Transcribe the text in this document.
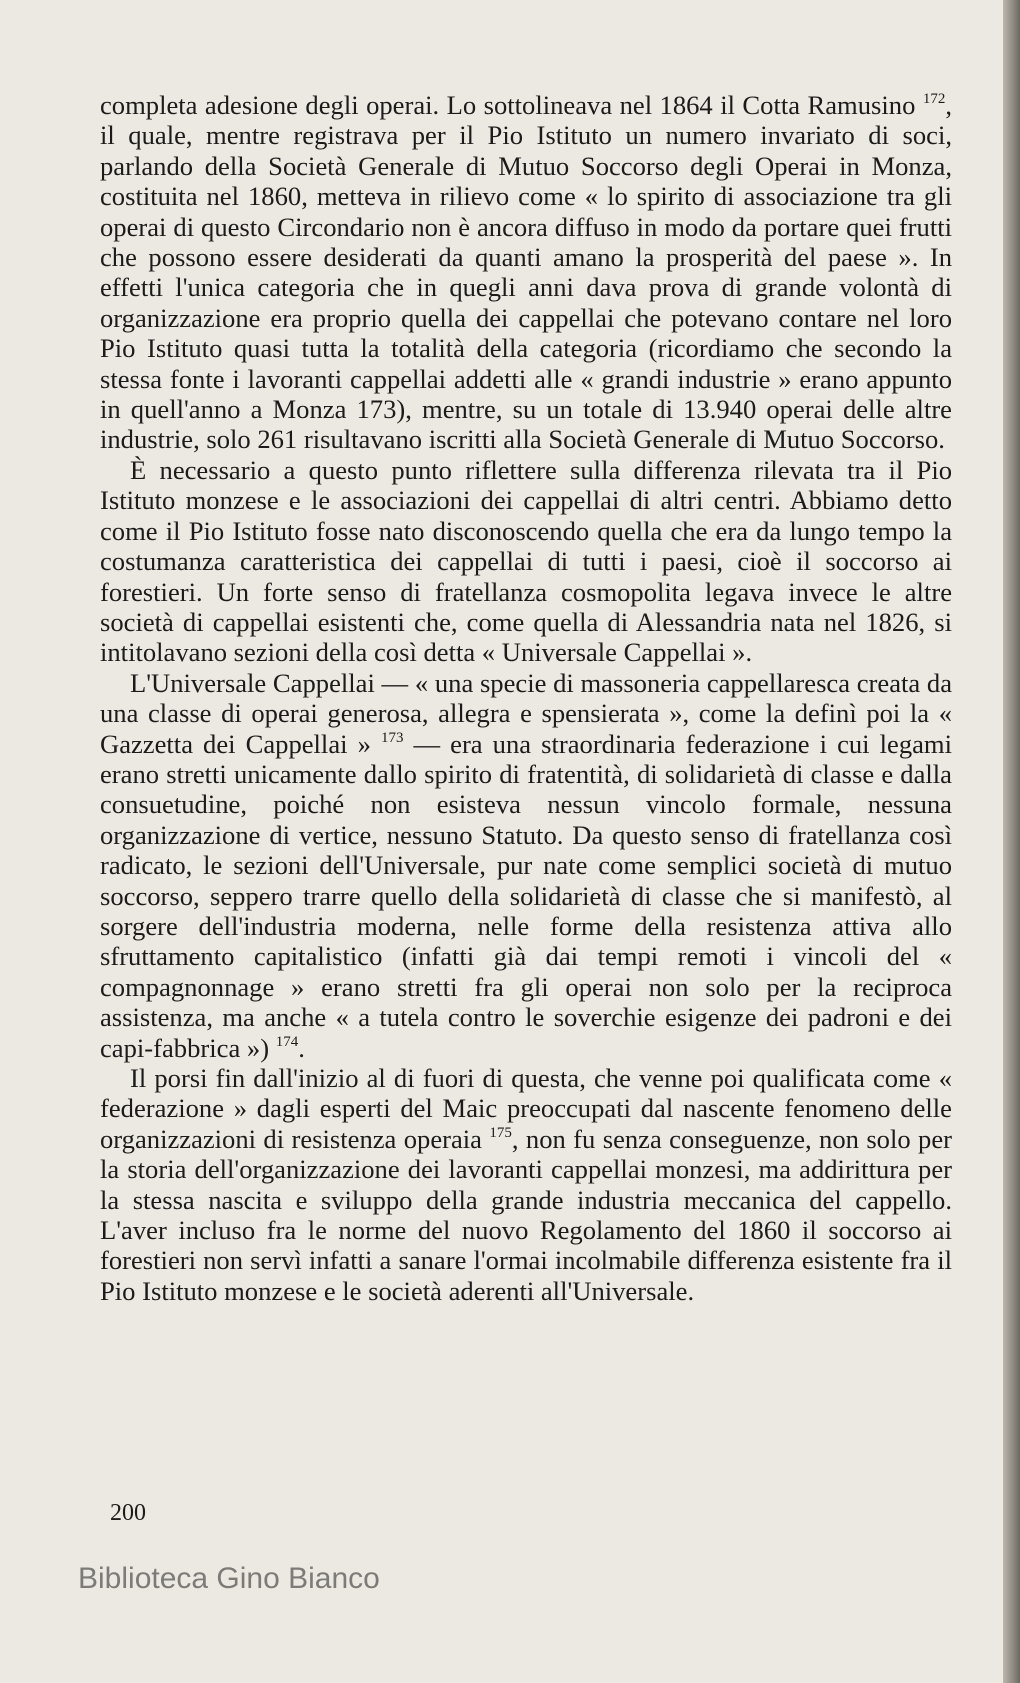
completa adesione degli operai. Lo sottolineava nel 1864 il Cotta Ramusino $^{172}$, il quale, mentre registrava per il Pio Istituto un numero invariato di soci, parlando della Società Generale di Mutuo Soccorso degli Operai in Monza, costituita nel 1860, metteva in rilievo come « lo spirito di associazione tra gli operai di questo Circondario non è ancora diffuso in modo da portare quei frutti che possono essere desiderati da quanti amano la prosperità del paese ». In effetti l'unica categoria che in quegli anni dava prova di grande volontà di organizzazione era proprio quella dei cappellai che potevano contare nel loro Pio Istituto quasi tutta la totalità della categoria (ricordiamo che secondo la stessa fonte i lavoranti cappellai addetti alle « grandi industrie » erano appunto in quell'anno a Monza 173), mentre, su un totale di 13.940 operai delle altre industrie, solo 261 risultavano iscritti alla Società Generale di Mutuo Soccorso.

È necessario a questo punto riflettere sulla differenza rilevata tra il Pio Istituto monzese e le associazioni dei cappellai di altri centri. Abbiamo detto come il Pio Istituto fosse nato disconoscendo quella che era da lungo tempo la costumanza caratteristica dei cappellai di tutti i paesi, cioè il soccorso ai forestieri. Un forte senso di fratellanza cosmopolita legava invece le altre società di cappellai esistenti che, come quella di Alessandria nata nel 1826, si intitolavano sezioni della così detta « Universale Cappellai ».

L'Universale Cappellai — « una specie di massoneria cappellaresca creata da una classe di operai generosa, allegra e spensierata », come la definì poi la « Gazzetta dei Cappellai » $^{173}$ — era una straordinaria federazione i cui legami erano stretti unicamente dallo spirito di fratentità, di solidarietà di classe e dalla consuetudine, poiché non esisteva nessun vincolo formale, nessuna organizzazione di vertice, nessuno Statuto. Da questo senso di fratellanza così radicato, le sezioni dell'Universale, pur nate come semplici società di mutuo soccorso, seppero trarre quello della solidarietà di classe che si manifestò, al sorgere dell'industria moderna, nelle forme della resistenza attiva allo sfruttamento capitalistico (infatti già dai tempi remoti i vincoli del « compagnonnage » erano stretti fra gli operai non solo per la reciproca assistenza, ma anche « a tutela contro le soverchie esigenze dei padroni e dei capi-fabbrica ») $^{174}$.

Il porsi fin dall'inizio al di fuori di questa, che venne poi qualificata come « federazione » dagli esperti del Maic preoccupati dal nascente fenomeno delle organizzazioni di resistenza operaia $^{175}$, non fu senza conseguenze, non solo per la storia dell'organizzazione dei lavoranti cappellai monzesi, ma addirittura per la stessa nascita e sviluppo della grande industria meccanica del cappello. L'aver incluso fra le norme del nuovo Regolamento del 1860 il soccorso ai forestieri non servì infatti a sanare l'ormai incolmabile differenza esistente fra il Pio Istituto monzese e le società aderenti all'Universale.

200
Biblioteca Gino Bianco
